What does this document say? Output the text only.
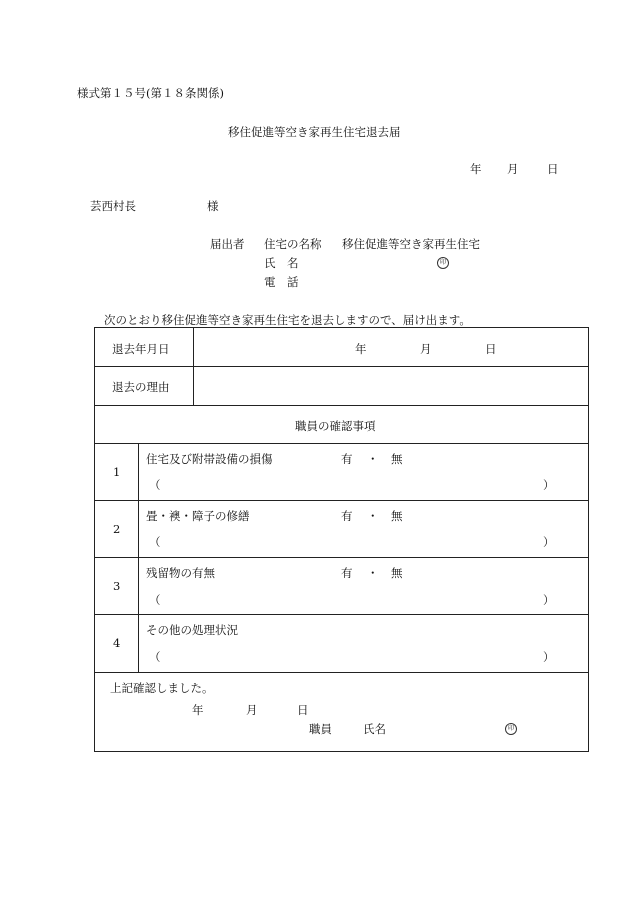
様式第１５号(第１８条関係)
移住促進等空き家再生住宅退去届
年 月 日
芸西村長	様
届出者 住宅の名称 移住促進等空き家再生住宅
氏　名	印
電　話
次のとおり移住促進等空き家再生住宅を退去しますので、届け出ます。
退去年月日	年	月	日
退去の理由
職員の確認事項
1
住宅及び附帯設備の損傷	有 ・ 無
（	）
2
畳・襖・障子の修繕	有 ・ 無
（	）
3
残留物の有無	有 ・ 無
（	）
4
その他の処理状況
（	）
上記確認しました。
年	月	日
職員	氏名	印
